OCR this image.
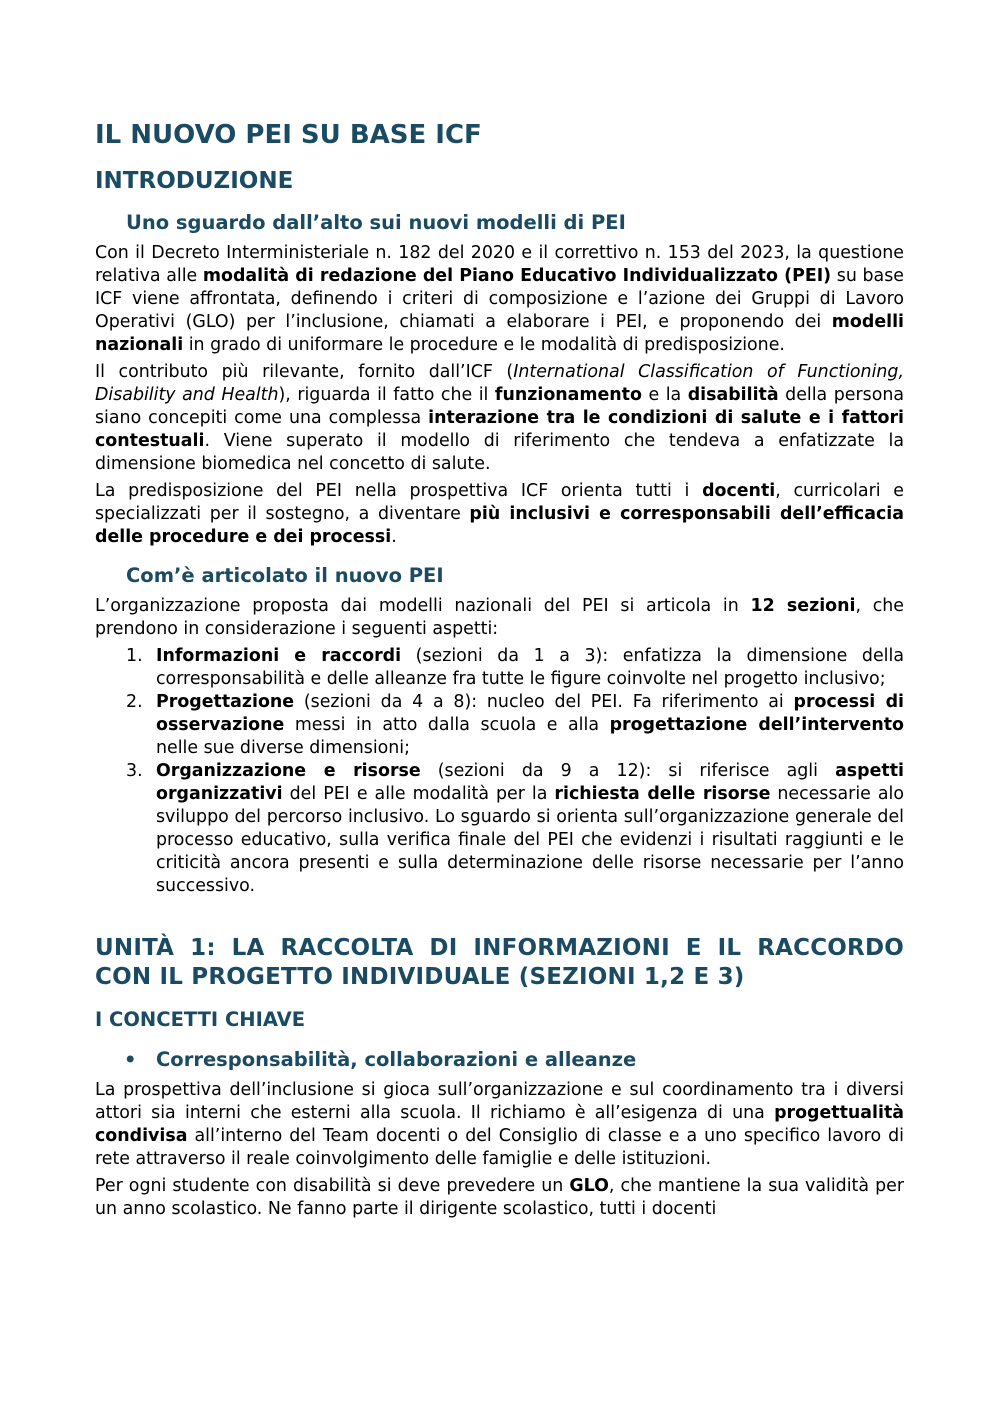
IL NUOVO PEI SU BASE ICF
INTRODUZIONE
Uno sguardo dall’alto sui nuovi modelli di PEI

Con il Decreto Interministeriale n. 182 del 2020 e il correttivo n. 153 del 2023, la questione relativa alle modalità di redazione del Piano Educativo Individualizzato (PEI) su base ICF viene affrontata, definendo i criteri di composizione e l’azione dei Gruppi di Lavoro Operativi (GLO) per l’inclusione, chiamati a elaborare i PEI, e proponendo dei modelli nazionali in grado di uniformare le procedure e le modalità di predisposizione.

Il contributo più rilevante, fornito dall’ICF (International Classification of Functioning, Disability and Health), riguarda il fatto che il funzionamento e la disabilità della persona siano concepiti come una complessa interazione tra le condizioni di salute e i fattori contestuali. Viene superato il modello di riferimento che tendeva a enfatizzate la dimensione biomedica nel concetto di salute.

La predisposizione del PEI nella prospettiva ICF orienta tutti i docenti, curricolari e specializzati per il sostegno, a diventare più inclusivi e corresponsabili dell’efficacia delle procedure e dei processi.

Com’è articolato il nuovo PEI

L’organizzazione proposta dai modelli nazionali del PEI si articola in 12 sezioni, che prendono in considerazione i seguenti aspetti:

1. Informazioni e raccordi (sezioni da 1 a 3): enfatizza la dimensione della corresponsabilità e delle alleanze fra tutte le figure coinvolte nel progetto inclusivo;
2. Progettazione (sezioni da 4 a 8): nucleo del PEI. Fa riferimento ai processi di osservazione messi in atto dalla scuola e alla progettazione dell’intervento nelle sue diverse dimensioni;
3. Organizzazione e risorse (sezioni da 9 a 12): si riferisce agli aspetti organizzativi del PEI e alle modalità per la richiesta delle risorse necessarie alo sviluppo del percorso inclusivo. Lo sguardo si orienta sull’organizzazione generale del processo educativo, sulla verifica finale del PEI che evidenzi i risultati raggiunti e le criticità ancora presenti e sulla determinazione delle risorse necessarie per l’anno successivo.
UNITÀ 1: LA RACCOLTA DI INFORMAZIONI E IL RACCORDO CON IL PROGETTO INDIVIDUALE (SEZIONI 1,2 E 3)
I CONCETTI CHIAVE
• Corresponsabilità, collaborazioni e alleanze

La prospettiva dell’inclusione si gioca sull’organizzazione e sul coordinamento tra i diversi attori sia interni che esterni alla scuola. Il richiamo è all’esigenza di una progettualità condivisa all’interno del Team docenti o del Consiglio di classe e a uno specifico lavoro di rete attraverso il reale coinvolgimento delle famiglie e delle istituzioni.

Per ogni studente con disabilità si deve prevedere un GLO, che mantiene la sua validità per un anno scolastico. Ne fanno parte il dirigente scolastico, tutti i docenti
